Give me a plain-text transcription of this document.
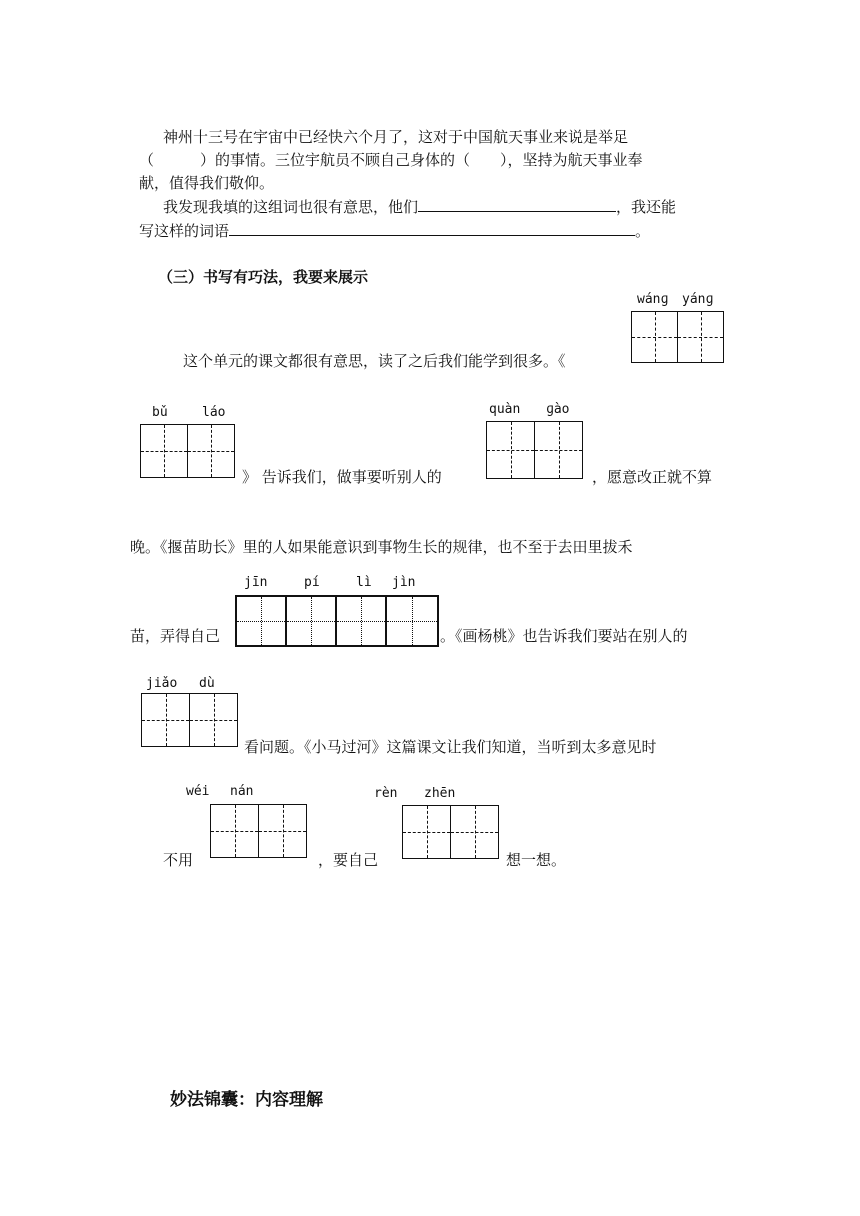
神州十三号在宇宙中已经快六个月了，这对于中国航天事业来说是举足
（	）的事情。三位宇航员不顾自己身体的（ ），坚持为航天事业奉
献，值得我们敬仰。
我发现我填的这组词也很有意思，他们	，我还能
写这样的词语	。
（三）书写有巧法，我要来展示
wánɡ yánɡ
这个单元的课文都很有意思，读了之后我们能学到很多。《
bǔ	láo
》 告诉我们，做事要听别人的
quàn ɡào
，愿意改正就不算
晚。《揠苗助长》里的人如果能意识到事物生长的规律，也不至于去田里拔禾
jīn	pí	lì jìn
苗，弄得自己	。《画杨桃》也告诉我们要站在别人的
jiǎo dù
看问题。《小马过河》这篇课文让我们知道，当听到太多意见时
wéi nán	rèn zhēn
不用	，要自己	想一想。
妙法锦囊：内容理解
